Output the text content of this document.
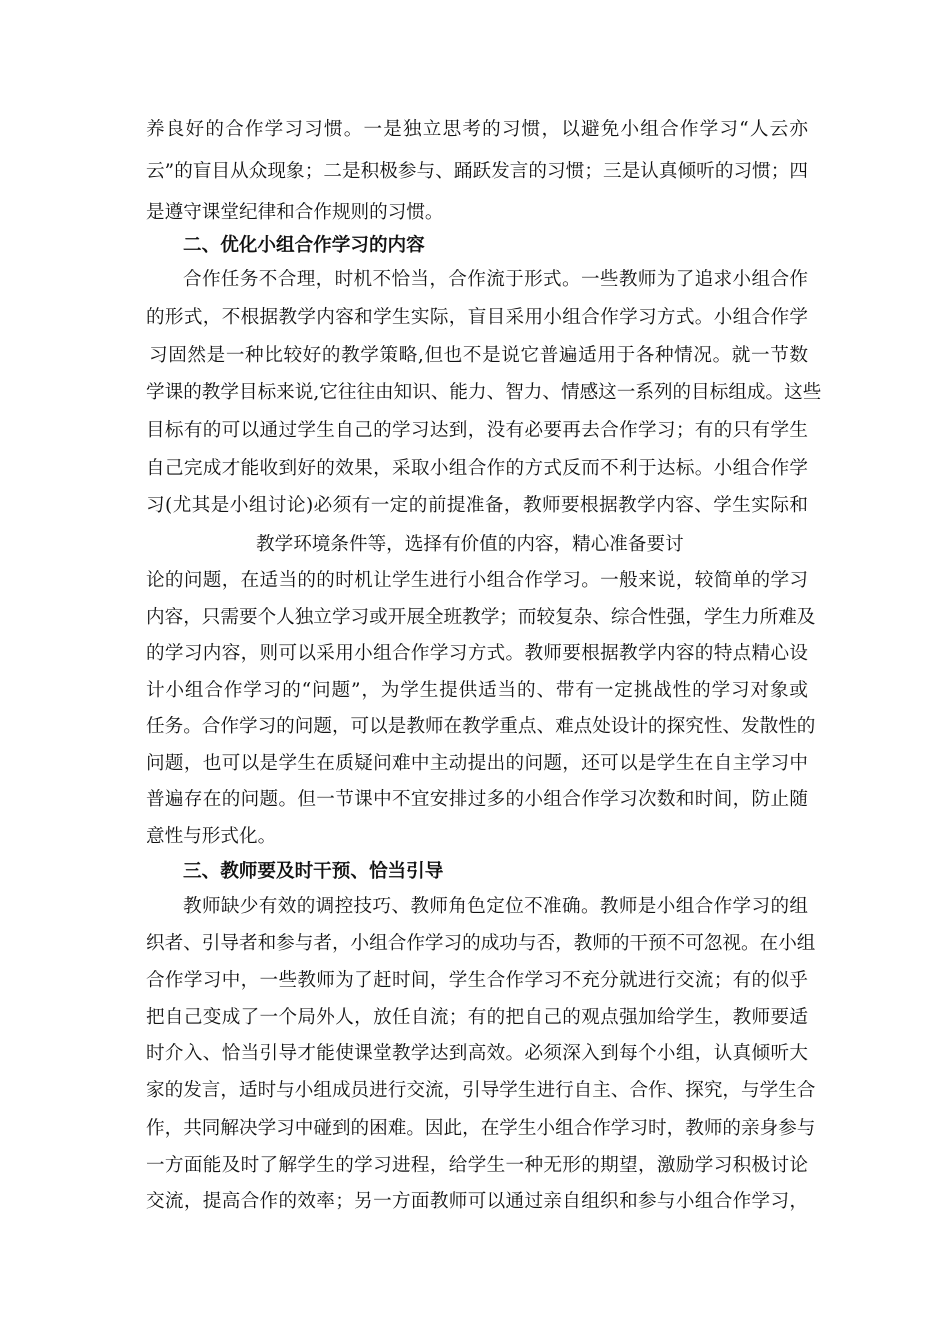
养良好的合作学习习惯。一是独立思考的习惯，以避免小组合作学习“人云亦
云”的盲目从众现象；二是积极参与、踊跃发言的习惯；三是认真倾听的习惯；四
是遵守课堂纪律和合作规则的习惯。
二、优化小组合作学习的内容
合作任务不合理，时机不恰当，合作流于形式。一些教师为了追求小组合作
的形式，不根据教学内容和学生实际，盲目采用小组合作学习方式。小组合作学
习固然是一种比较好的教学策略,但也不是说它普遍适用于各种情况。就一节数
学课的教学目标来说,它往往由知识、能力、智力、情感这一系列的目标组成。这些
目标有的可以通过学生自己的学习达到，没有必要再去合作学习；有的只有学生
自己完成才能收到好的效果，采取小组合作的方式反而不利于达标。小组合作学
习(尤其是小组讨论)必须有一定的前提准备，教师要根据教学内容、学生实际和
教学环境条件等，选择有价值的内容，精心准备要讨
论的问题，在适当的的时机让学生进行小组合作学习。一般来说，较简单的学习
内容，只需要个人独立学习或开展全班教学；而较复杂、综合性强，学生力所难及
的学习内容，则可以采用小组合作学习方式。教师要根据教学内容的特点精心设
计小组合作学习的“问题”，为学生提供适当的、带有一定挑战性的学习对象或
任务。合作学习的问题，可以是教师在教学重点、难点处设计的探究性、发散性的
问题，也可以是学生在质疑问难中主动提出的问题，还可以是学生在自主学习中
普遍存在的问题。但一节课中不宜安排过多的小组合作学习次数和时间，防止随
意性与形式化。
三、教师要及时干预、恰当引导
教师缺少有效的调控技巧、教师角色定位不准确。教师是小组合作学习的组
织者、引导者和参与者，小组合作学习的成功与否，教师的干预不可忽视。在小组
合作学习中，一些教师为了赶时间，学生合作学习不充分就进行交流；有的似乎
把自己变成了一个局外人，放任自流；有的把自己的观点强加给学生，教师要适
时介入、恰当引导才能使课堂教学达到高效。必须深入到每个小组，认真倾听大
家的发言，适时与小组成员进行交流，引导学生进行自主、合作、探究，与学生合
作，共同解决学习中碰到的困难。因此，在学生小组合作学习时，教师的亲身参与
一方面能及时了解学生的学习进程，给学生一种无形的期望，激励学习积极讨论
交流，提高合作的效率；另一方面教师可以通过亲自组织和参与小组合作学习，
